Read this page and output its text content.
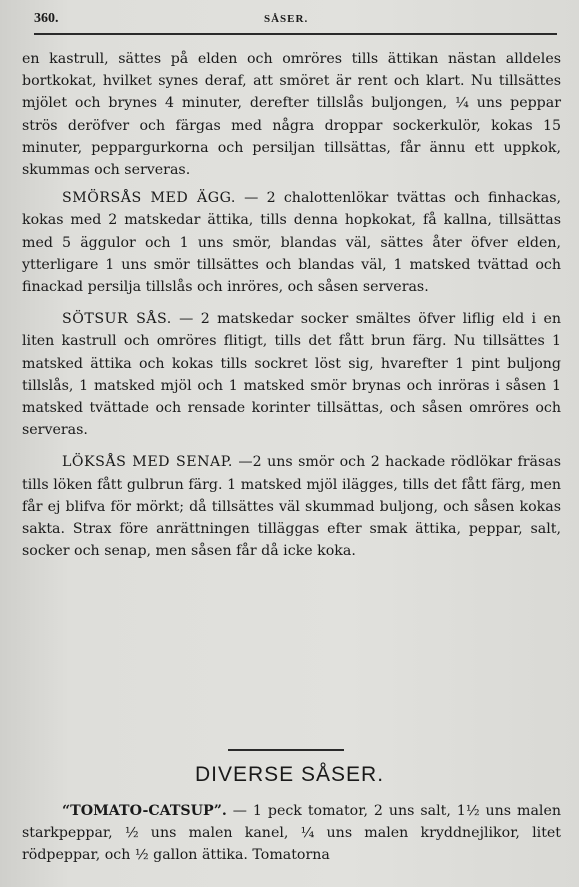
360.	SÅSER.

en kastrull, sättes på elden och omröres tills ättikan nästan alldeles bortkokat, hvilket synes deraf, att smöret är rent och klart. Nu tillsättes mjölet och brynes 4 minuter, derefter tillslås buljongen, ¼ uns peppar strös deröfver och färgas med några droppar sockerkulör, kokas 15 minuter, peppargurkorna och persiljan tillsättas, får ännu ett uppkok, skummas och serveras.

SMÖRSÅS MED ÄGG. — 2 chalottenlökar tvättas och finhackas, kokas med 2 matskedar ättika, tills denna hopkokat, få kallna, tillsättas med 5 äggulor och 1 uns smör, blandas väl, sättes åter öfver elden, ytterligare 1 uns smör tillsättes och blandas väl, 1 matsked tvättad och finackad persilja tillslås och inröres, och såsen serveras.

SÖTSUR SÅS. — 2 matskedar socker smältes öfver liflig eld i en liten kastrull och omröres flitigt, tills det fått brun färg. Nu tillsättes 1 matsked ättika och kokas tills sockret löst sig, hvarefter 1 pint buljong tillslås, 1 matsked mjöl och 1 matsked smör brynas och inröras i såsen 1 matsked tvättade och rensade korinter tillsättas, och såsen omröres och serveras.

LÖKSÅS MED SENAP. —2 uns smör och 2 hackade rödlökar fräsas tills löken fått gulbrun färg. 1 matsked mjöl ilägges, tills det fått färg, men får ej blifva för mörkt; då tillsättes väl skummad buljong, och såsen kokas sakta. Strax före anrättningen tilläggas efter smak ättika, peppar, salt, socker och senap, men såsen får då icke koka.

DIVERSE SÅSER.

“TOMATO-CATSUP”. — 1 peck tomator, 2 uns salt, 1½ uns malen starkpeppar, ½ uns malen kanel, ¼ uns malen kryddnejlikor, litet rödpeppar, och ½ gallon ättika. Tomatorna
